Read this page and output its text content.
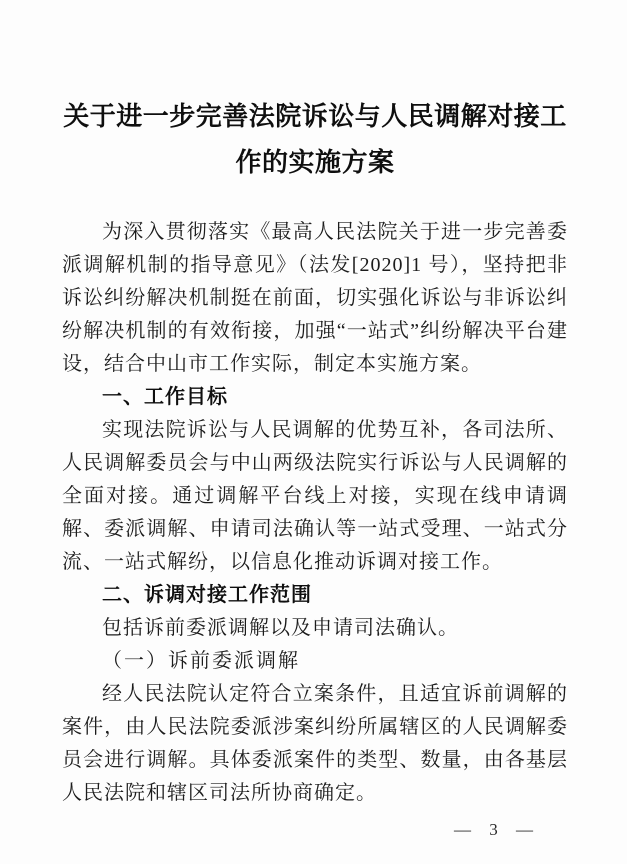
关于进一步完善法院诉讼与人民调解对接工作的实施方案

为深入贯彻落实《最高人民法院关于进一步完善委派调解机制的指导意见》（法发[2020]1 号），坚持把非诉讼纠纷解决机制挺在前面，切实强化诉讼与非诉讼纠纷解决机制的有效衔接，加强“一站式”纠纷解决平台建设，结合中山市工作实际，制定本实施方案。

一、工作目标

实现法院诉讼与人民调解的优势互补，各司法所、人民调解委员会与中山两级法院实行诉讼与人民调解的全面对接。通过调解平台线上对接，实现在线申请调解、委派调解、申请司法确认等一站式受理、一站式分流、一站式解纷，以信息化推动诉调对接工作。

二、诉调对接工作范围

包括诉前委派调解以及申请司法确认。

（一）诉前委派调解

经人民法院认定符合立案条件，且适宜诉前调解的案件，由人民法院委派涉案纠纷所属辖区的人民调解委员会进行调解。具体委派案件的类型、数量，由各基层人民法院和辖区司法所协商确定。

— 3 —
